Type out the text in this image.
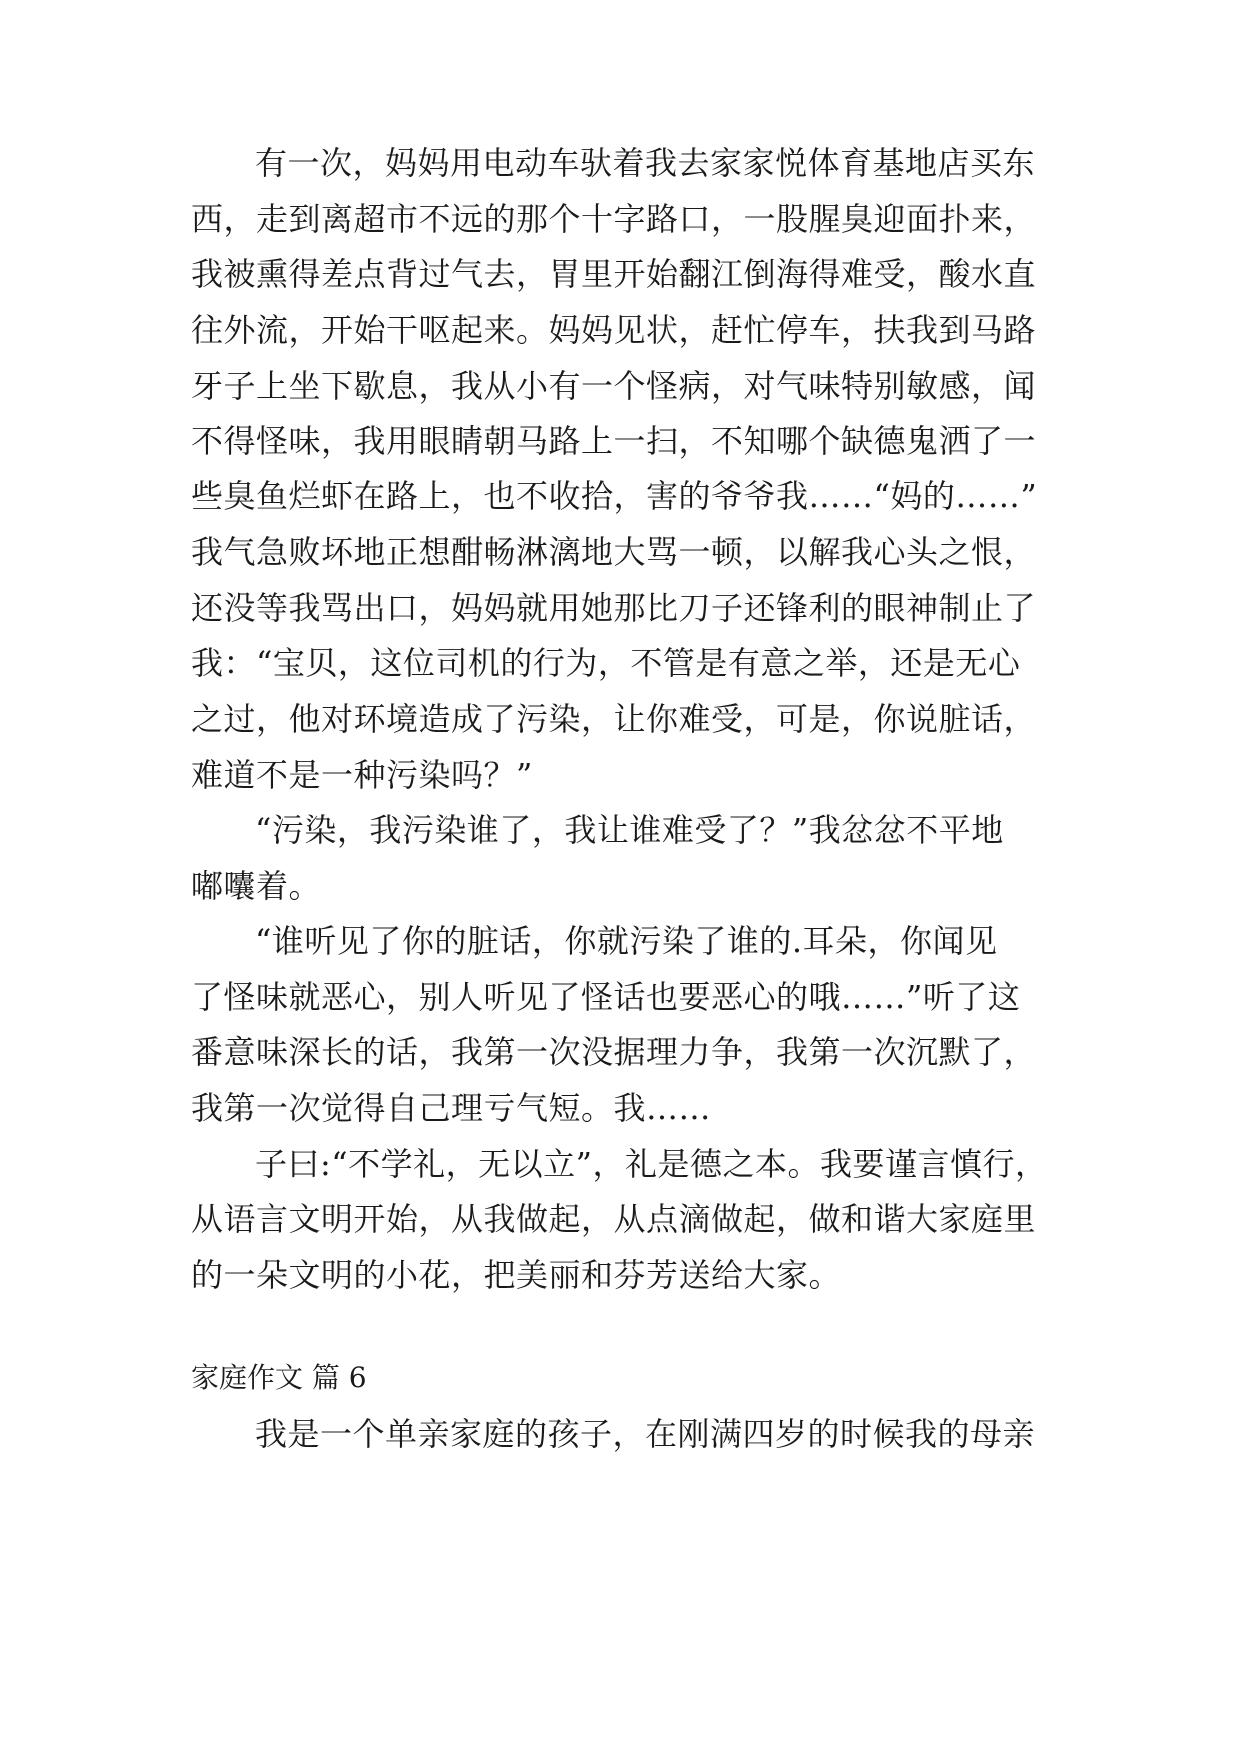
有一次，妈妈用电动车驮着我去家家悦体育基地店买东
西，走到离超市不远的那个十字路口，一股腥臭迎面扑来，
我被熏得差点背过气去，胃里开始翻江倒海得难受，酸水直
往外流，开始干呕起来。妈妈见状，赶忙停车，扶我到马路
牙子上坐下歇息，我从小有一个怪病，对气味特别敏感，闻
不得怪味，我用眼睛朝马路上一扫，不知哪个缺德鬼洒了一
些臭鱼烂虾在路上，也不收拾，害的爷爷我……“妈的……”
我气急败坏地正想酣畅淋漓地大骂一顿，以解我心头之恨，
还没等我骂出口，妈妈就用她那比刀子还锋利的眼神制止了
我：“宝贝，这位司机的行为，不管是有意之举，还是无心
之过，他对环境造成了污染，让你难受，可是，你说脏话，
难道不是一种污染吗？”
“污染，我污染谁了，我让谁难受了？”我忿忿不平地
嘟囔着。
“谁听见了你的脏话，你就污染了谁的.耳朵，你闻见
了怪味就恶心，别人听见了怪话也要恶心的哦……”听了这
番意味深长的话，我第一次没据理力争，我第一次沉默了，
我第一次觉得自己理亏气短。我……
子曰:“不学礼，无以立”，礼是德之本。我要谨言慎行，
从语言文明开始，从我做起，从点滴做起，做和谐大家庭里
的一朵文明的小花，把美丽和芬芳送给大家。
家庭作文 篇 6
我是一个单亲家庭的孩子，在刚满四岁的时候我的母亲
